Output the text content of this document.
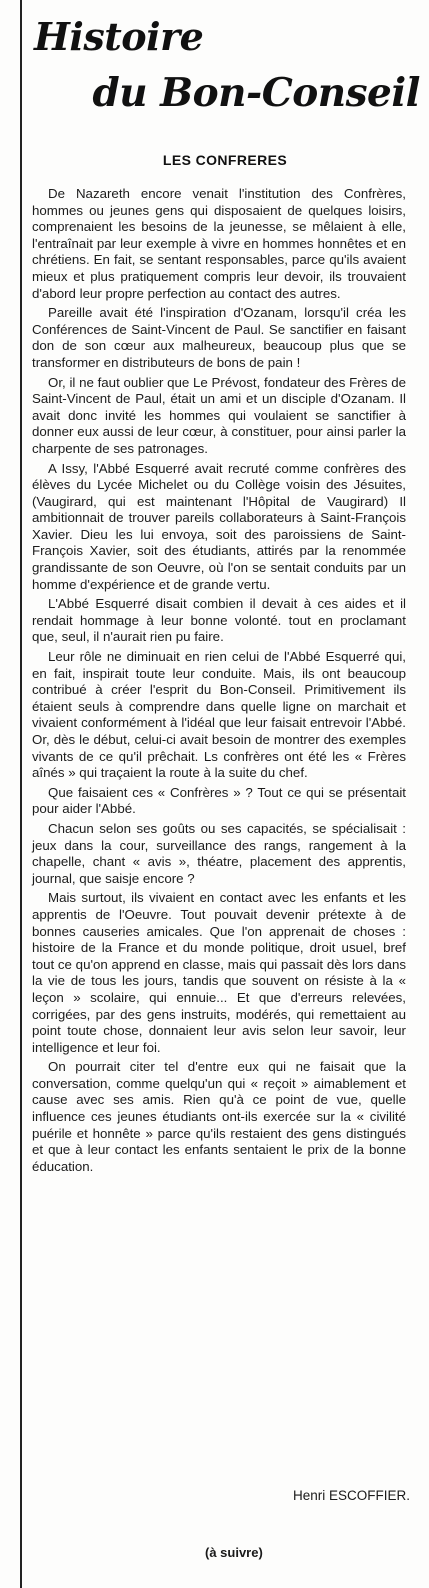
Histoire
du Bon-Conseil
LES CONFRERES

De Nazareth encore venait l'institution des Confrères, hommes ou jeunes gens qui disposaient de quelques loisirs, comprenaient les besoins de la jeunesse, se mêlaient à elle, l'entraînait par leur exemple à vivre en hommes honnêtes et en chrétiens. En fait, se sentant responsables, parce qu'ils avaient mieux et plus pratiquement compris leur devoir, ils trouvaient d'abord leur propre perfection au contact des autres.

Pareille avait été l'inspiration d'Ozanam, lorsqu'il créa les Conférences de Saint-Vincent de Paul. Se sanctifier en faisant don de son cœur aux malheureux, beaucoup plus que se transformer en distributeurs de bons de pain !

Or, il ne faut oublier que Le Prévost, fondateur des Frères de Saint-Vincent de Paul, était un ami et un disciple d'Ozanam. Il avait donc invité les hommes qui voulaient se sanctifier à donner eux aussi de leur cœur, à constituer, pour ainsi parler la charpente de ses patronages.

A Issy, l'Abbé Esquerré avait recruté comme confrères des élèves du Lycée Michelet ou du Collège voisin des Jésuites, (Vaugirard, qui est maintenant l'Hôpital de Vaugirard) Il ambitionnait de trouver pareils collaborateurs à Saint-François Xavier. Dieu les lui envoya, soit des paroissiens de Saint-François Xavier, soit des étudiants, attirés par la renommée grandissante de son Oeuvre, où l'on se sentait conduits par un homme d'expérience et de grande vertu.

L'Abbé Esquerré disait combien il devait à ces aides et il rendait hommage à leur bonne volonté. tout en proclamant que, seul, il n'aurait rien pu faire.

Leur rôle ne diminuait en rien celui de l'Abbé Esquerré qui, en fait, inspirait toute leur conduite. Mais, ils ont beaucoup contribué à créer l'esprit du Bon-Conseil. Primitivement ils étaient seuls à comprendre dans quelle ligne on marchait et vivaient conformément à l'idéal que leur faisait entrevoir l'Abbé. Or, dès le début, celui-ci avait besoin de montrer des exemples vivants de ce qu'il prêchait. Ls confrères ont été les « Frères aînés » qui traçaient la route à la suite du chef.

Que faisaient ces « Confrères » ? Tout ce qui se présentait pour aider l'Abbé.

Chacun selon ses goûts ou ses capacités, se spécialisait : jeux dans la cour, surveillance des rangs, rangement à la chapelle, chant « avis », théatre, placement des apprentis, journal, que saisje encore ?

Mais surtout, ils vivaient en contact avec les enfants et les apprentis de l'Oeuvre. Tout pouvait devenir prétexte à de bonnes causeries amicales. Que l'on apprenait de choses : histoire de la France et du monde politique, droit usuel, bref tout ce qu'on apprend en classe, mais qui passait dès lors dans la vie de tous les jours, tandis que souvent on résiste à la « leçon » scolaire, qui ennuie... Et que d'erreurs relevées, corrigées, par des gens instruits, modérés, qui remettaient au point toute chose, donnaient leur avis selon leur savoir, leur intelligence et leur foi.

On pourrait citer tel d'entre eux qui ne faisait que la conversation, comme quelqu'un qui « reçoit » aimablement et cause avec ses amis. Rien qu'à ce point de vue, quelle influence ces jeunes étudiants ont-ils exercée sur la « civilité puérile et honnête » parce qu'ils restaient des gens distingués et que à leur contact les enfants sentaient le prix de la bonne éducation.

Henri ESCOFFIER.

(à suivre)
